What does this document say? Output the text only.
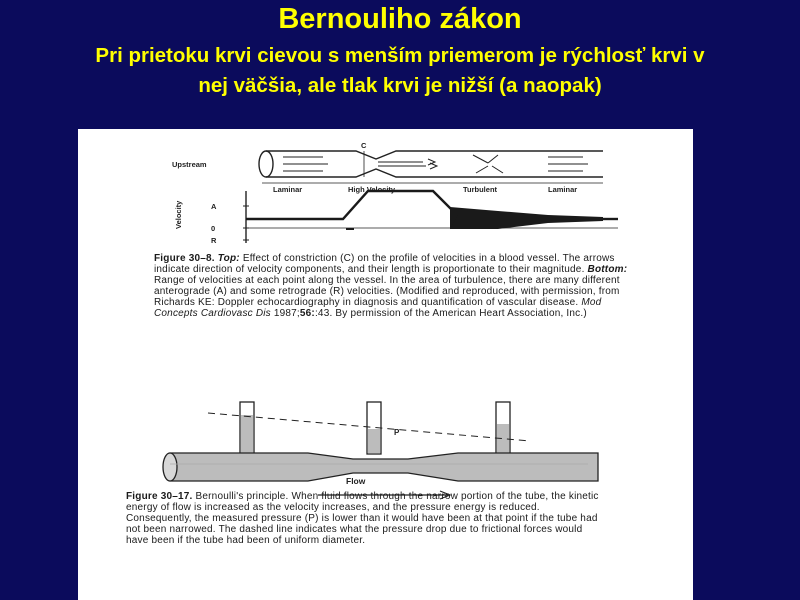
Bernouliho zákon
Pri prietoku krvi cievou s menším priemerom je rýchlosť krvi v nej väčšia, ale tlak krvi je nižší (a naopak)
Upstream
C
Laminar	High Velocity	Turbulent	Laminar
Velocity	A
0
R
P
Flow
Figure 30–8. Top: Effect of constriction (C) on the profile of velocities in a blood vessel. The arrows indicate direction of velocity components, and their length is proportionate to their magnitude. Bottom: Range of velocities at each point along the vessel. In the area of turbulence, there are many different anterograde (A) and some retrograde (R) velocities. (Modified and reproduced, with permission, from Richards KE: Doppler echocardiography in diagnosis and quantification of vascular disease. Mod Concepts Cardiovasc Dis 1987;56::43. By permission of the American Heart Association, Inc.)
Figure 30–17. Bernoulli's principle. When fluid flows through the narrow portion of the tube, the kinetic energy of flow is increased as the velocity increases, and the pressure energy is reduced. Consequently, the measured pressure (P) is lower than it would have been at that point if the tube had not been narrowed. The dashed line indicates what the pressure drop due to frictional forces would have been if the tube had been of uniform diameter.
